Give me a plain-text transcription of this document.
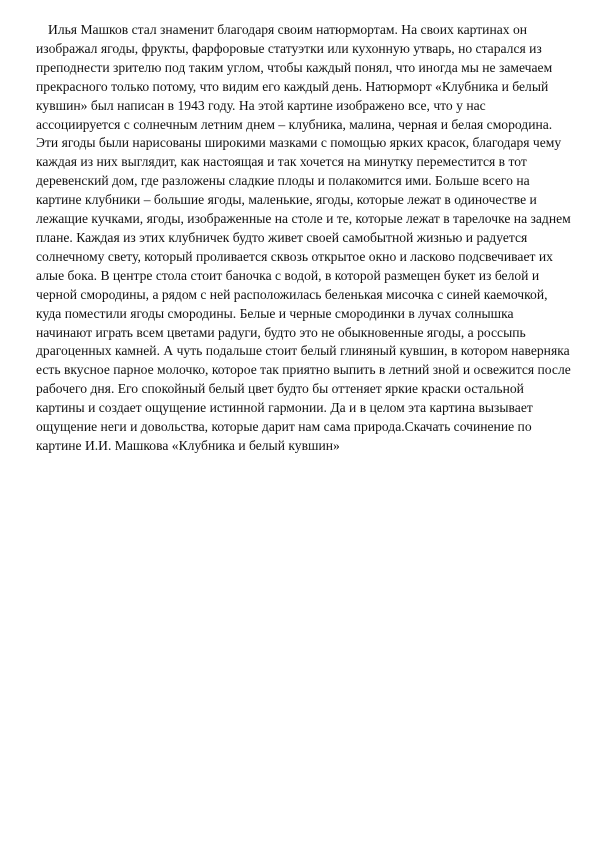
Илья Машков стал знаменит благодаря своим натюрмортам. На своих картинах он изображал ягоды, фрукты, фарфоровые статуэтки или кухонную утварь, но старался из преподнести зрителю под таким углом, чтобы каждый понял, что иногда мы не замечаем прекрасного только потому, что видим его каждый день. Натюрморт «Клубника и белый кувшин» был написан в 1943 году. На этой картине изображено все, что у нас ассоциируется с солнечным летним днем – клубника, малина, черная и белая смородина. Эти ягоды были нарисованы широкими мазками с помощью ярких красок, благодаря чему каждая из них выглядит, как настоящая и так хочется на минутку переместится в тот деревенский дом, где разложены сладкие плоды и полакомится ими. Больше всего на картине клубники – большие ягоды, маленькие, ягоды, которые лежат в одиночестве и лежащие кучками, ягоды, изображенные на столе и те, которые лежат в тарелочке на заднем плане. Каждая из этих клубничек будто живет своей самобытной жизнью и радуется солнечному свету, который проливается сквозь открытое окно и ласково подсвечивает их алые бока. В центре стола стоит баночка с водой, в которой размещен букет из белой и черной смородины, а рядом с ней расположилась беленькая мисочка с синей каемочкой, куда поместили ягоды смородины. Белые и черные смородинки в лучах солнышка начинают играть всем цветами радуги, будто это не обыкновенные ягоды, а россыпь драгоценных камней. А чуть подальше стоит белый глиняный кувшин, в котором наверняка есть вкусное парное молочко, которое так приятно выпить в летний зной и освежится после рабочего дня. Его спокойный белый цвет будто бы оттеняет яркие краски остальной картины и создает ощущение истинной гармонии. Да и в целом эта картина вызывает ощущение неги и довольства, которые дарит нам сама природа.Скачать сочинение по картине И.И. Машкова «Клубника и белый кувшин»
